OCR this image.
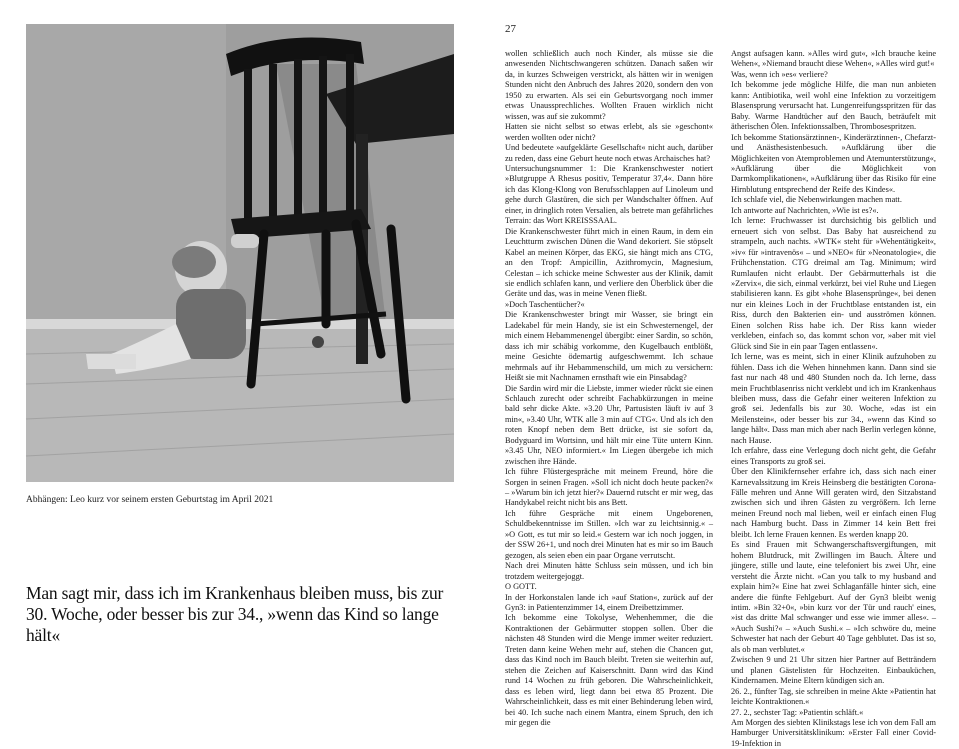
Abhängen: Leo kurz vor seinem ersten Geburtstag im April 2021
Man sagt mir, dass ich im Krankenhaus bleiben muss, bis zur 30. Woche, oder besser bis zur 34., »wenn das Kind so lange hält«
27

wollen schließlich auch noch Kinder, als müsse sie die anwesenden Nichtschwangeren schützen. Danach saßen wir da, in kurzes Schweigen verstrickt, als hätten wir in wenigen Stunden nicht den Anbruch des Jahres 2020, sondern den von 1950 zu erwarten. Als sei ein Geburtsvorgang noch immer etwas Unaussprechliches. Wollten Frauen wirklich nicht wissen, was auf sie zukommt?

Hatten sie nicht selbst so etwas erlebt, als sie »geschont« werden wollten oder nicht?

Und bedeutete »aufgeklärte Gesellschaft« nicht auch, darüber zu reden, dass eine Geburt heute noch etwas Archaisches hat?

Untersuchungsnummer 1: Die Krankenschwester notiert »Blutgruppe A Rhesus positiv, Temperatur 37,4«. Dann höre ich das Klong-Klong von Berufsschlappen auf Linoleum und gehe durch Glastüren, die sich per Wandschalter öffnen. Auf einer, in dringlich roten Versalien, als betrete man gefährliches Terrain: das Wort KREISSSAAL.

Die Krankenschwester führt mich in einen Raum, in dem ein Leuchtturm zwischen Dünen die Wand dekoriert. Sie stöpselt Kabel an meinen Körper, das EKG, sie hängt mich ans CTG, an den Tropf: Ampicillin, Azithromycin, Magnesium, Celestan – ich schicke meine Schwester aus der Klinik, damit sie endlich schlafen kann, und verliere den Überblick über die Geräte und das, was in meine Venen fließt.

»Doch Taschentücher?«

Die Krankenschwester bringt mir Wasser, sie bringt ein Ladekabel für mein Handy, sie ist ein Schwesternengel, der mich einem Hebammenengel übergibt: einer Sardin, so schön, dass ich mir schäbig vorkomme, den Kugelbauch entblößt, meine Gesichte ödemartig aufgeschwemmt. Ich schaue mehrmals auf ihr Hebammenschild, um mich zu versichern: Heißt sie mit Nachnamen ernsthaft wie ein Pinsabdag?

Die Sardin wird mir die Liebste, immer wieder rückt sie einen Schlauch zurecht oder schreibt Fachabkürzungen in meine bald sehr dicke Akte. »3.20 Uhr, Partusisten läuft iv auf 3 min«, »3.40 Uhr, WTK alle 3 min auf CTG«. Und als ich den roten Knopf neben dem Bett drücke, ist sie sofort da, Bodyguard im Wortsinn, und hält mir eine Tüte untern Kinn. »3.45 Uhr, NEO informiert.« Im Liegen übergebe ich mich zwischen ihre Hände.

Ich führe Flüstergespräche mit meinem Freund, höre die Sorgen in seinen Fragen. »Soll ich nicht doch heute packen?« – »Warum bin ich jetzt hier?« Dauernd rutscht er mir weg, das Handykabel reicht nicht bis ans Bett.

Ich führe Gespräche mit einem Ungeborenen, Schuldbekenntnisse im Stillen. »Ich war zu leichtsinnig.« – »O Gott, es tut mir so leid.« Gestern war ich noch joggen, in der SSW 26+1, und noch drei Minuten hat es mir so im Bauch gezogen, als seien eben ein paar Organe verrutscht.

Nach drei Minuten hätte Schluss sein müssen, und ich bin trotzdem weitergejoggt.

O GOTT.

In der Horkonstalen lande ich »auf Station«, zurück auf der Gyn3: in Patientenzimmer 14, einem Dreibettzimmer.

Ich bekomme eine Tokolyse, Wehenhemmer, die die Kontraktionen der Gebärmutter stoppen sollen. Über die nächsten 48 Stunden wird die Menge immer weiter reduziert. Treten dann keine Wehen mehr auf, stehen die Chancen gut, dass das Kind noch im Bauch bleibt. Treten sie weiterhin auf, stehen die Zeichen auf Kaiserschnitt. Dann wird das Kind rund 14 Wochen zu früh geboren. Die Wahrscheinlichkeit, dass es leben wird, liegt dann bei etwa 85 Prozent. Die Wahrscheinlichkeit, dass es mit einer Behinderung leben wird, bei 40. Ich suche nach einem Mantra, einem Spruch, den ich mir gegen die

Angst aufsagen kann. »Alles wird gut«, »Ich brauche keine Wehen«, »Niemand braucht diese Wehen«, »Alles wird gut!«

Was, wenn ich »es« verliere?

Ich bekomme jede mögliche Hilfe, die man nun anbieten kann: Antibiotika, weil wohl eine Infektion zu vorzeitigem Blasensprung verursacht hat. Lungenreifungsspritzen für das Baby. Warme Handtücher auf den Bauch, beträufelt mit ätherischen Ölen. Infektionssalben, Thrombosespritzen.

Ich bekomme Stationsärztinnen-, Kinderärztinnen-, Chefarzt- und Anästhesistenbesuch. »Aufklärung über die Möglichkeiten von Atemproblemen und Atemunterstützung«, »Aufklärung über die Möglichkeit von Darmkomplikationen«, »Aufklärung über das Risiko für eine Hirnblutung entsprechend der Reife des Kindes«.

Ich schlafe viel, die Nebenwirkungen machen matt.

Ich antworte auf Nachrichten, »Wie ist es?«.

Ich lerne: Fruchwasser ist durchsichtig bis gelblich und erneuert sich von selbst. Das Baby hat ausreichend zu strampeln, auch nachts. »WTK« steht für »Wehentätigkeit«, »iv« für »intravenös« – und »NEO« für »Neonatologie«, die Frühchenstation. CTG dreimal am Tag. Minimum; wird Rumlaufen nicht erlaubt. Der Gebärmutterhals ist die »Zervix«, die sich, einmal verkürzt, bei viel Ruhe und Liegen stabilisieren kann. Es gibt »hohe Blasensprünge«, bei denen nur ein kleines Loch in der Fruchtblase entstanden ist, ein Riss, durch den Bakterien ein- und ausströmen können. Einen solchen Riss habe ich. Der Riss kann wieder verkleben, einfach so, das kommt schon vor, »aber mit viel Glück sind Sie in ein paar Tagen entlassen«.

Ich lerne, was es meint, sich in einer Klinik aufzuhoben zu fühlen. Dass ich die Wehen hinnehmen kann. Dann sind sie fast nur nach 48 und 480 Stunden noch da. Ich lerne, dass mein Fruchtblasenriss nicht verklebt und ich im Krankenhaus bleiben muss, dass die Gefahr einer weiteren Infektion zu groß sei. Jedenfalls bis zur 30. Woche, »das ist ein Meilenstein«, oder besser bis zur 34., »wenn das Kind so lange hält«. Dass man mich aber nach Berlin verlegen könne, nach Hause.

Ich erfahre, dass eine Verlegung doch nicht geht, die Gefahr eines Transports zu groß sei.

Über den Klinikfernseher erfahre ich, dass sich nach einer Karnevalssitzung im Kreis Heinsberg die bestätigten Corona-Fälle mehren und Anne Will geraten wird, den Sitzabstand zwischen sich und ihren Gästen zu vergrößern. Ich lerne meinen Freund noch mal lieben, weil er einfach einen Flug nach Hamburg bucht. Dass in Zimmer 14 kein Bett frei bleibt. Ich lerne Frauen kennen. Es werden knapp 20.

Es sind Frauen mit Schwangerschaftsvergiftungen, mit hohem Blutdruck, mit Zwillingen im Bauch. Ältere und jüngere, stille und laute, eine telefoniert bis zwei Uhr, eine versteht die Ärzte nicht. »Can you talk to my husband and explain him?« Eine hat zwei Schlaganfälle hinter sich, eine andere die fünfte Fehlgeburt. Auf der Gyn3 bleibt wenig intim. »Bin 32+0«, »bin kurz vor der Tür und rauch' eines, »ist das dritte Mal schwanger und esse wie immer alles«. – »Auch Sushi?« – »Auch Sushi.« – »Ich schwöre du, meine Schwester hat nach der Geburt 40 Tage gehblutet. Das ist so, als ob man verblutet.«

Zwischen 9 und 21 Uhr sitzen hier Partner auf Betträndern und planen Gästelisten für Hochzeiten. Einbauküchen, Kindernamen. Meine Eltern kündigen sich an.

26. 2., fünfter Tag, sie schreiben in meine Akte »Patientin hat leichte Kontraktionen.«

27. 2., sechster Tag: »Patientin schläft.«

Am Morgen des siebten Klinikstags lese ich von dem Fall am Hamburger Universitätsklinikum: »Erster Fall einer Covid-19-Infektion in
